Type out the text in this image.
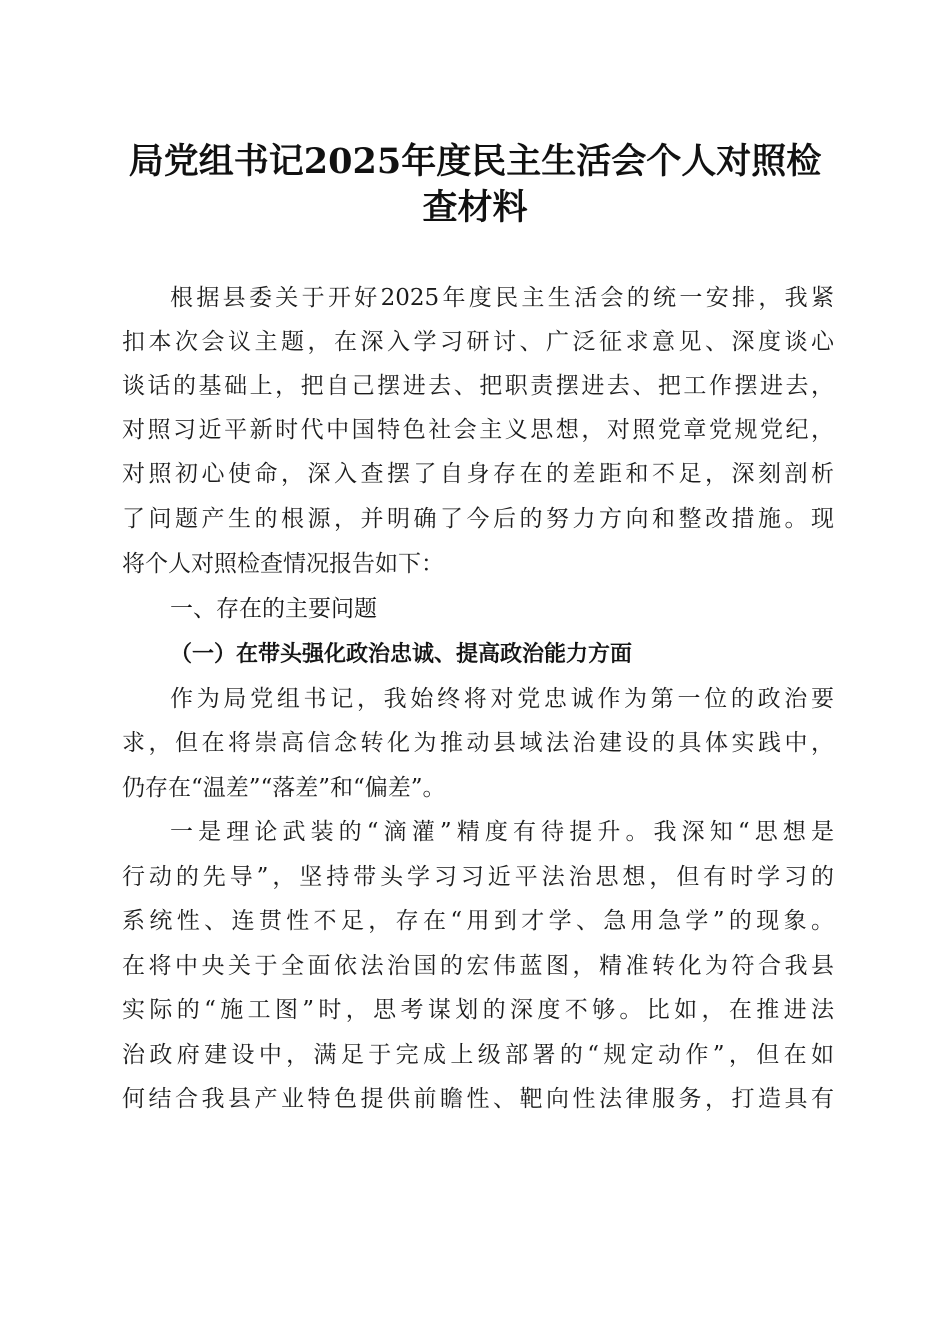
局党组书记2025年度民主生活会个人对照检
查材料
根据县委关于开好2025年度民主生活会的统一安排，我紧
扣本次会议主题，在深入学习研讨、广泛征求意见、深度谈心
谈话的基础上，把自己摆进去、把职责摆进去、把工作摆进去，
对照习近平新时代中国特色社会主义思想，对照党章党规党纪，
对照初心使命，深入查摆了自身存在的差距和不足，深刻剖析
了问题产生的根源，并明确了今后的努力方向和整改措施。现
将个人对照检查情况报告如下：
一、存在的主要问题
（一）在带头强化政治忠诚、提高政治能力方面
作为局党组书记，我始终将对党忠诚作为第一位的政治要
求，但在将崇高信念转化为推动县域法治建设的具体实践中，
仍存在“温差”“落差”和“偏差”。
一是理论武装的“滴灌”精度有待提升。我深知“思想是
行动的先导”，坚持带头学习习近平法治思想，但有时学习的
系统性、连贯性不足，存在“用到才学、急用急学”的现象。
在将中央关于全面依法治国的宏伟蓝图，精准转化为符合我县
实际的“施工图”时，思考谋划的深度不够。比如，在推进法
治政府建设中，满足于完成上级部署的“规定动作”，但在如
何结合我县产业特色提供前瞻性、靶向性法律服务，打造具有
